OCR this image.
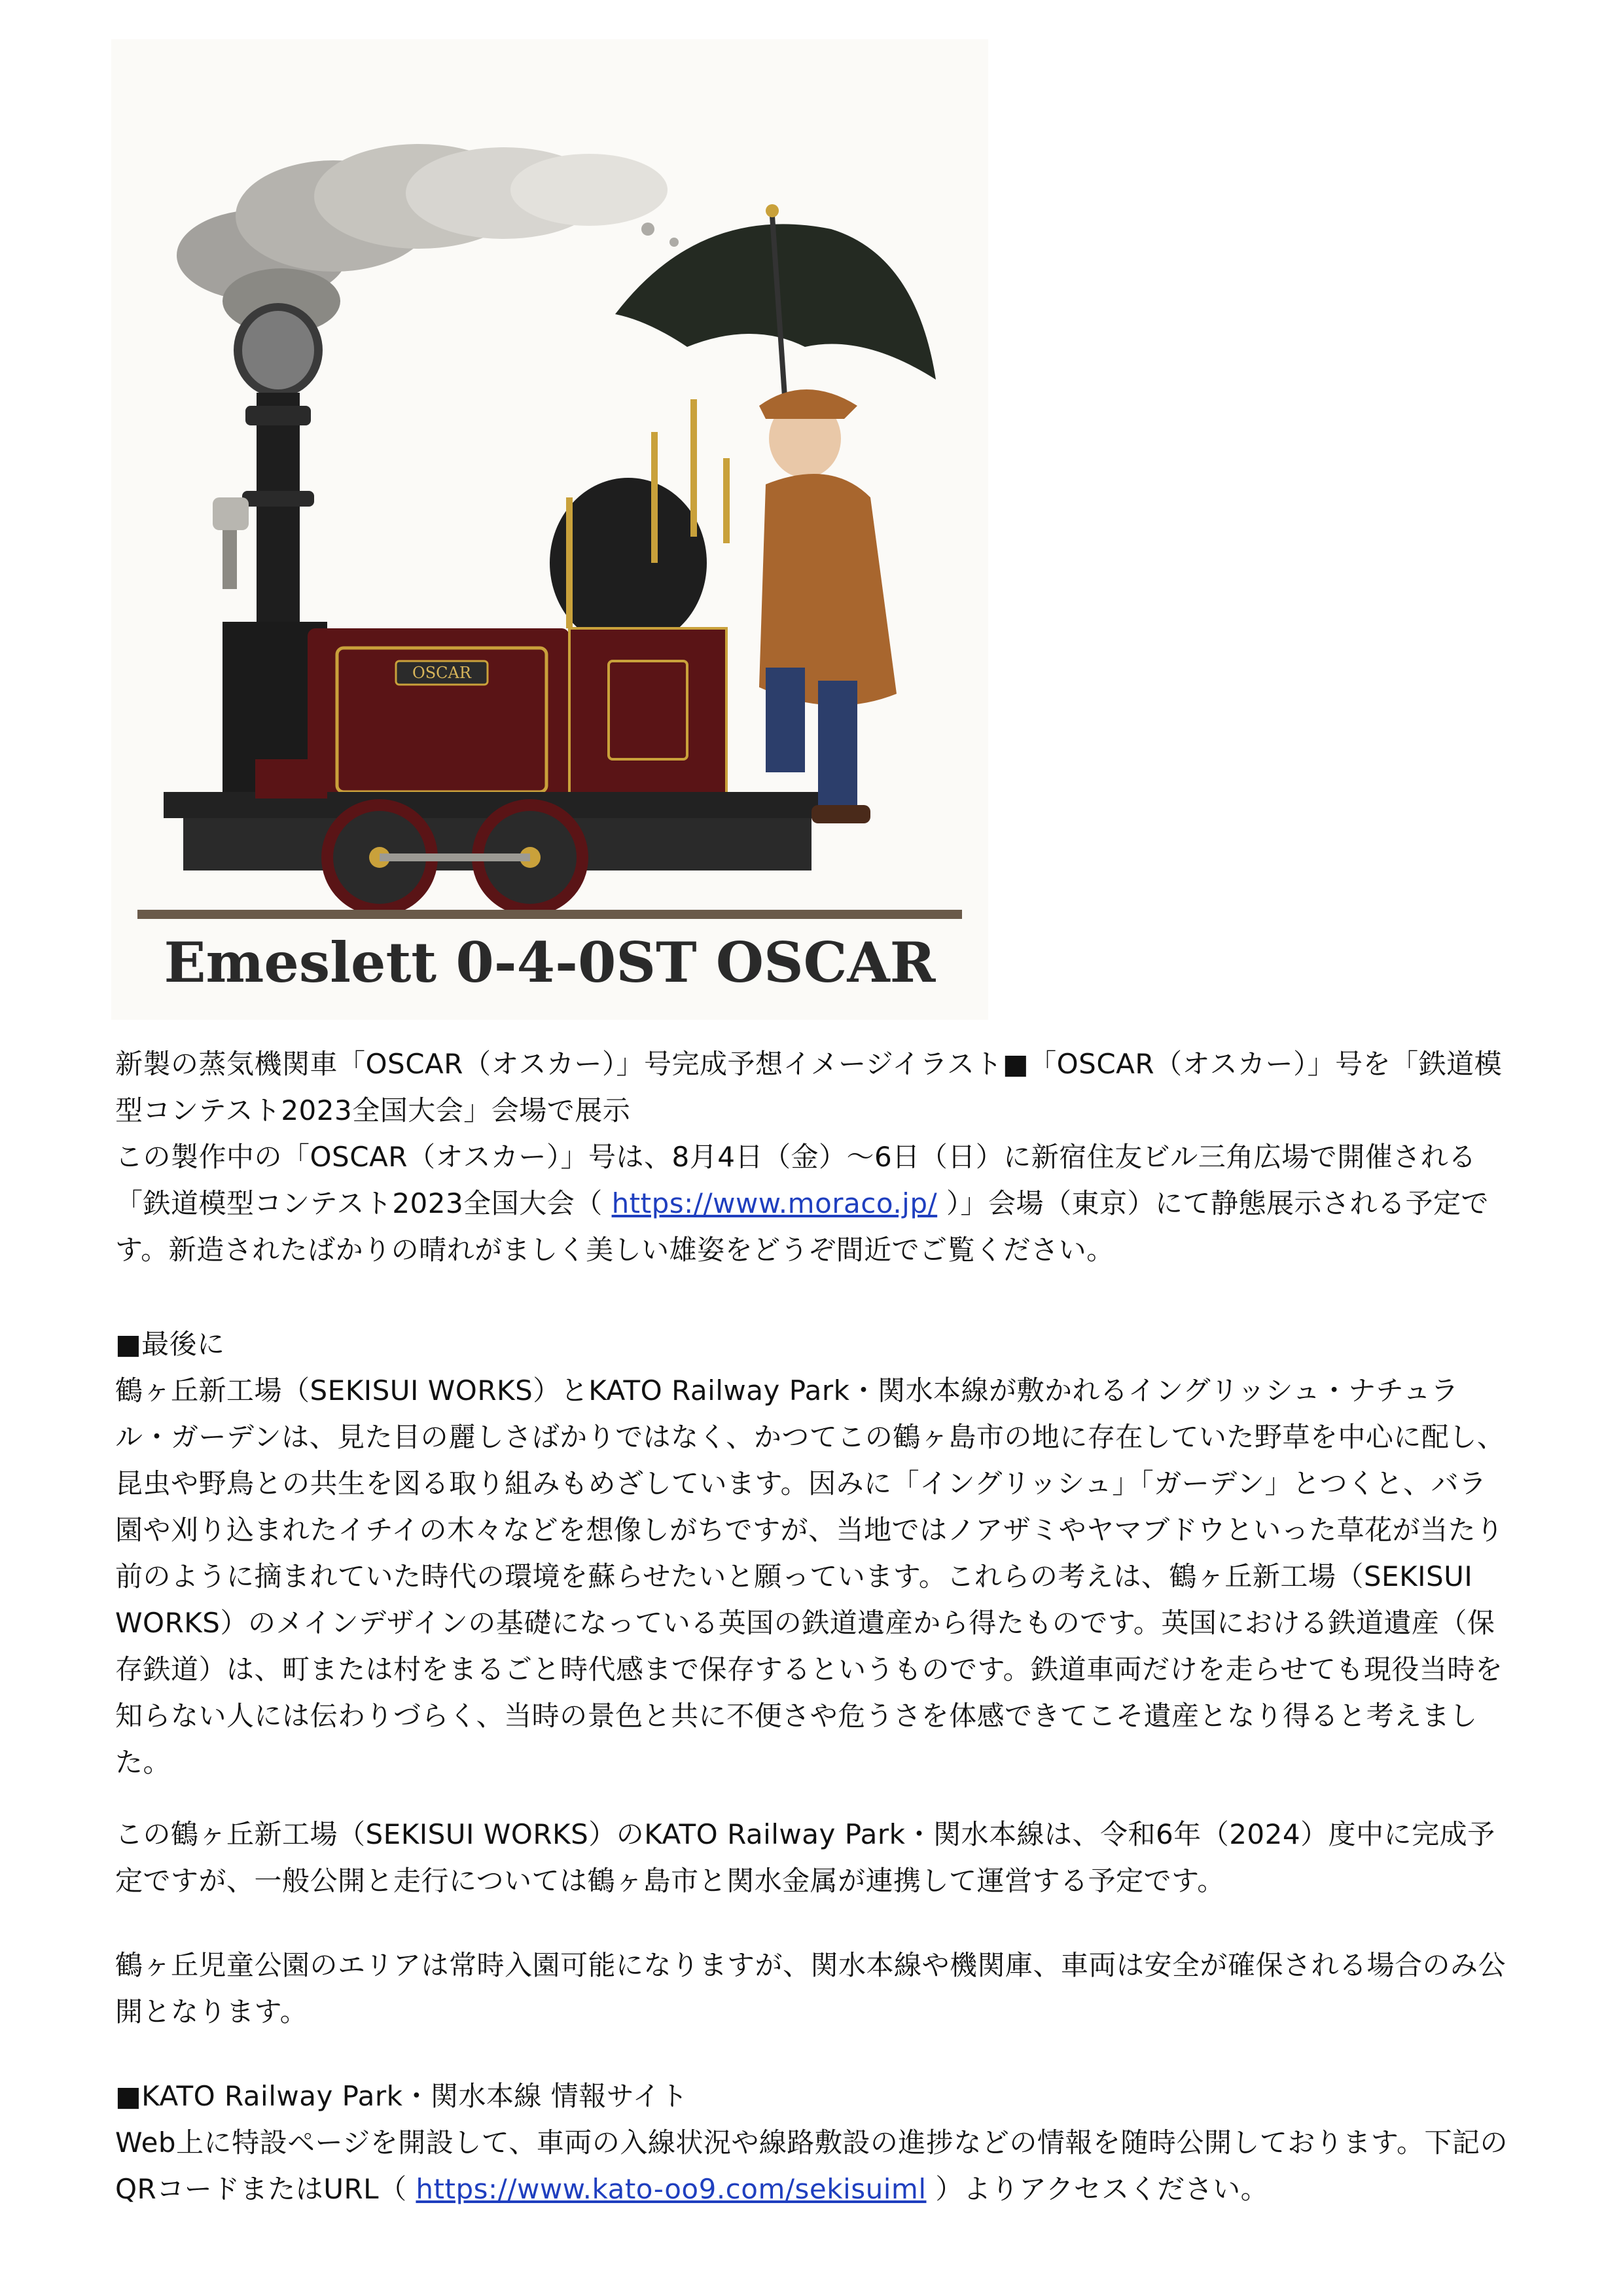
OSCAR
Emeslett 0-4-0ST OSCAR

新製の蒸気機関車「OSCAR（オスカー）」号完成予想イメージイラスト■「OSCAR（オスカー）」号を「鉄道模型コンテスト2023全国大会」会場で展示

この製作中の「OSCAR（オスカー）」号は、8月4日（金）〜6日（日）に新宿住友ビル三角広場で開催される「鉄道模型コンテスト2023全国大会（ https://www.moraco.jp/ ）」会場（東京）にて静態展示される予定です。新造されたばかりの晴れがましく美しい雄姿をどうぞ間近でご覧ください。

■最後に

鶴ヶ丘新工場（SEKISUI WORKS）とKATO Railway Park・関水本線が敷かれるイングリッシュ・ナチュラル・ガーデンは、見た目の麗しさばかりではなく、かつてこの鶴ヶ島市の地に存在していた野草を中心に配し、昆虫や野鳥との共生を図る取り組みもめざしています。因みに「イングリッシュ」「ガーデン」とつくと、バラ園や刈り込まれたイチイの木々などを想像しがちですが、当地ではノアザミやヤマブドウといった草花が当たり前のように摘まれていた時代の環境を蘇らせたいと願っています。これらの考えは、鶴ヶ丘新工場（SEKISUI WORKS）のメインデザインの基礎になっている英国の鉄道遺産から得たものです。英国における鉄道遺産（保存鉄道）は、町または村をまるごと時代感まで保存するというものです。鉄道車両だけを走らせても現役当時を知らない人には伝わりづらく、当時の景色と共に不便さや危うさを体感できてこそ遺産となり得ると考えました。

この鶴ヶ丘新工場（SEKISUI WORKS）のKATO Railway Park・関水本線は、令和6年（2024）度中に完成予定ですが、一般公開と走行については鶴ヶ島市と関水金属が連携して運営する予定です。

鶴ヶ丘児童公園のエリアは常時入園可能になりますが、関水本線や機関庫、車両は安全が確保される場合のみ公開となります。

■KATO Railway Park・関水本線 情報サイト

Web上に特設ページを開設して、車両の入線状況や線路敷設の進捗などの情報を随時公開しております。下記のQRコードまたはURL（ https://www.kato-oo9.com/sekisuiml ）よりアクセスください。
